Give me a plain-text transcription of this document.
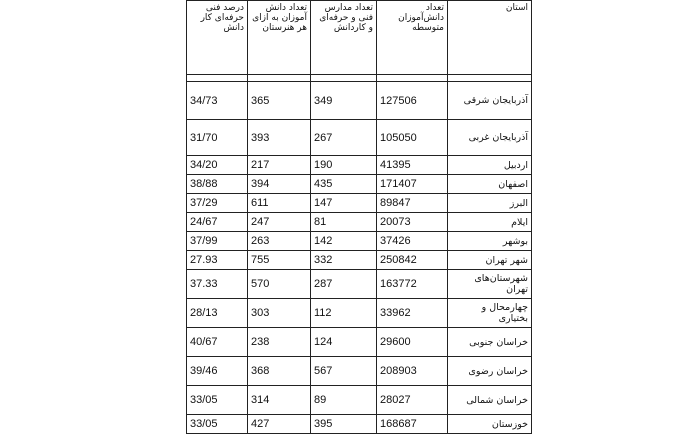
درصد فنی حرفه‌ای کار دانش	تعداد دانش آموزان به ازای هر هنرستان	تعداد مدارس فنی و حرفه‌ای و کاردانش	تعداد دانش‌آموزان متوسطه	استان

34/73	365	349	127506	آذربایجان شرقی
31/70	393	267	105050	آذربایجان غربی
34/20	217	190	41395	اردبیل
38/88	394	435	171407	اصفهان
37/29	611	147	89847	البرز
24/67	247	81	20073	ایلام
37/99	263	142	37426	بوشهر
27.93	755	332	250842	شهر تهران
37.33	570	287	163772	شهرستان‌های تهران
28/13	303	112	33962	چهارمحال و بختیاری
40/67	238	124	29600	خراسان جنوبی
39/46	368	567	208903	خراسان رضوی
33/05	314	89	28027	خراسان شمالی
33/05	427	395	168687	خوزستان
